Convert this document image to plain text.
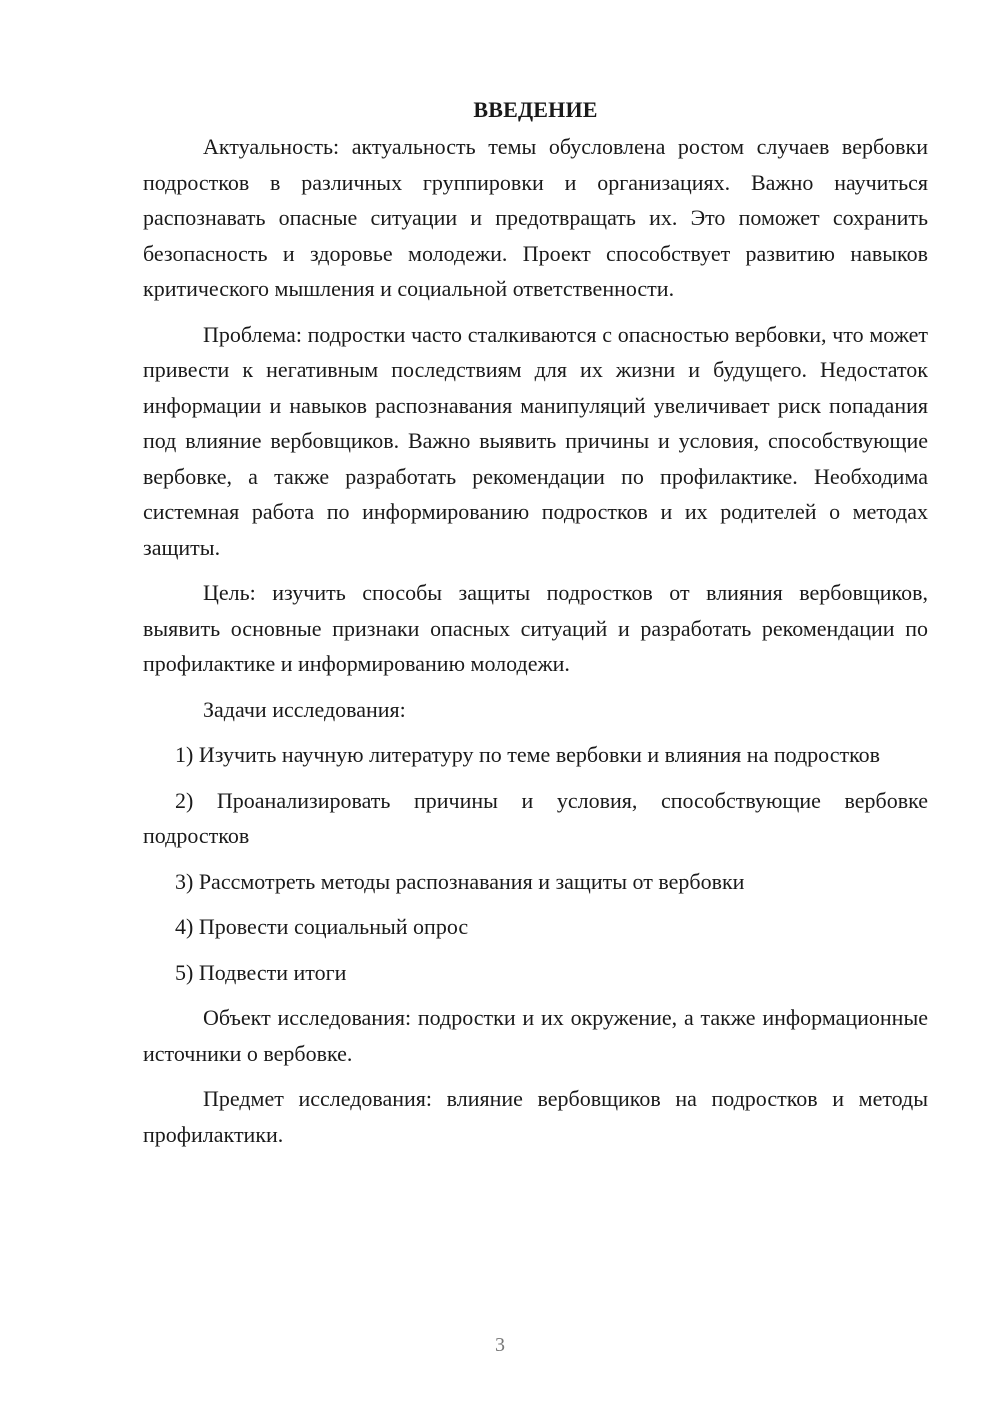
ВВЕДЕНИЕ

Актуальность: актуальность темы обусловлена ростом случаев вербовки подростков в различных группировки и организациях. Важно научиться распознавать опасные ситуации и предотвращать их. Это поможет сохранить безопасность и здоровье молодежи. Проект способствует развитию навыков критического мышления и социальной ответственности.

Проблема: подростки часто сталкиваются с опасностью вербовки, что может привести к негативным последствиям для их жизни и будущего. Недостаток информации и навыков распознавания манипуляций увеличивает риск попадания под влияние вербовщиков. Важно выявить причины и условия, способствующие вербовке, а также разработать рекомендации по профилактике. Необходима системная работа по информированию подростков и их родителей о методах защиты.

Цель: изучить способы защиты подростков от влияния вербовщиков, выявить основные признаки опасных ситуаций и разработать рекомендации по профилактике и информированию молодежи.

Задачи исследования:

1) Изучить научную литературу по теме вербовки и влияния на подростков

2) Проанализировать причины и условия, способствующие вербовке подростков

3) Рассмотреть методы распознавания и защиты от вербовки

4) Провести социальный опрос

5) Подвести итоги

Объект исследования: подростки и их окружение, а также информационные источники о вербовке.

Предмет исследования: влияние вербовщиков на подростков и методы профилактики.

3
